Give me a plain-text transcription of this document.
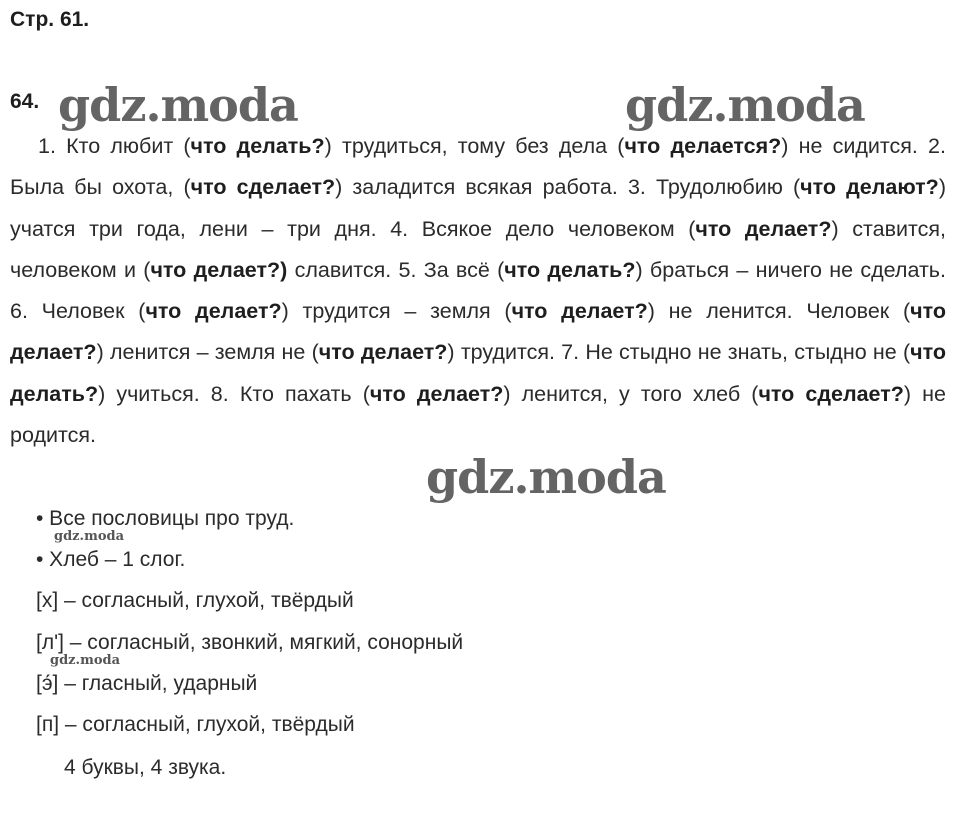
Стр. 61.
64. gdz.moda	gdz.moda

1. Кто любит (что делать?) трудиться, тому без дела (что делается?) не сидится. 2. Была бы охота, (что сделает?) заладится всякая работа. 3. Трудолюбию (что делают?) учатся три года, лени – три дня. 4. Всякое дело человеком (что делает?) ставится, человеком и (что делает?) славится. 5. За всё (что делать?) браться – ничего не сделать. 6. Человек (что делает?) трудится – земля (что делает?) не ленится. Человек (что делает?) ленится – земля не (что делает?) трудится. 7. Не стыдно не знать, стыдно не (что делать?) учиться. 8. Кто пахать (что делает?) ленится, у того хлеб (что сделает?) не родится.

gdz.moda
• Все пословицы про труд.
gdz.moda
• Хлеб – 1 слог.
[х] – согласный, глухой, твёрдый
[л'] – согласный, звонкий, мягкий, сонорный
gdz.moda
[э́] – гласный, ударный
[п] – согласный, глухой, твёрдый
4 буквы, 4 звука.
